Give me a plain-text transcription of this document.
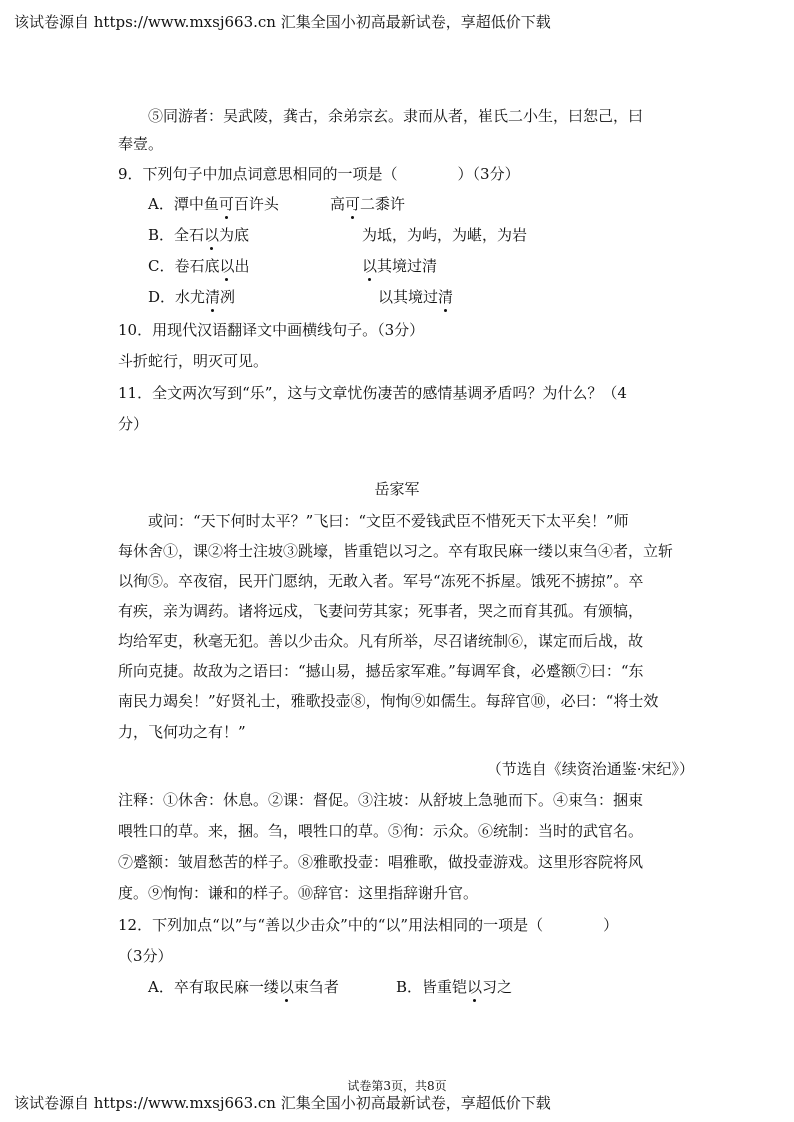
该试卷源自 https://www.mxsj663.cn 汇集全国小初高最新试卷，享超低价下载
⑤同游者：吴武陵，龚古，余弟宗玄。隶而从者，崔氏二小生，曰恕己，曰
奉壹。
9．下列句子中加点词意思相同的一项是（　　　　）（3分）
A．潭中鱼可百许头	高可二黍许
B．全石以为底	为坻，为屿，为嵁，为岩
C．卷石底以出	以其境过清
D．水尤清冽	以其境过清
10．用现代汉语翻译文中画横线句子。（3分）
斗折蛇行，明灭可见。
11．全文两次写到“乐”，这与文章忧伤凄苦的感情基调矛盾吗？为什么？（4
分）
岳家军
或问：“天下何时太平？”飞曰：“文臣不爱钱武臣不惜死天下太平矣！”师
每休舍①，课②将士注坡③跳壕，皆重铠以习之。卒有取民麻一缕以束刍④者，立斩
以徇⑤。卒夜宿，民开门愿纳，无敢入者。军号“冻死不拆屋。饿死不掳掠”。卒
有疾，亲为调药。诸将远戍，飞妻问劳其家；死事者，哭之而育其孤。有颁犒，
均给军吏，秋毫无犯。善以少击众。凡有所举，尽召诸统制⑥，谋定而后战，故
所向克捷。故敌为之语曰：“撼山易，撼岳家军难。”每调军食，必蹙额⑦曰：“东
南民力竭矣！”好贤礼士，雅歌投壶⑧，恂恂⑨如儒生。每辞官⑩，必曰：“将士效
力，飞何功之有！”
（节选自《续资治通鉴·宋纪》）
注释：①休舍：休息。②课：督促。③注坡：从舒坡上急驰而下。④束刍：捆束
喂牲口的草。来，捆。刍，喂牲口的草。⑤徇：示众。⑥统制：当时的武官名。
⑦蹙额：皱眉愁苦的样子。⑧雅歌投壶：唱雅歌，做投壶游戏。这里形容院将风
度。⑨恂恂：谦和的样子。⑩辞官：这里指辞谢升官。
12．下列加点“以”与“善以少击众”中的“以”用法相同的一项是（　　　　）
（3分）
A．卒有取民麻一缕以束刍者	B．皆重铠以习之
试卷第3页，共8页
该试卷源自 https://www.mxsj663.cn 汇集全国小初高最新试卷，享超低价下载
